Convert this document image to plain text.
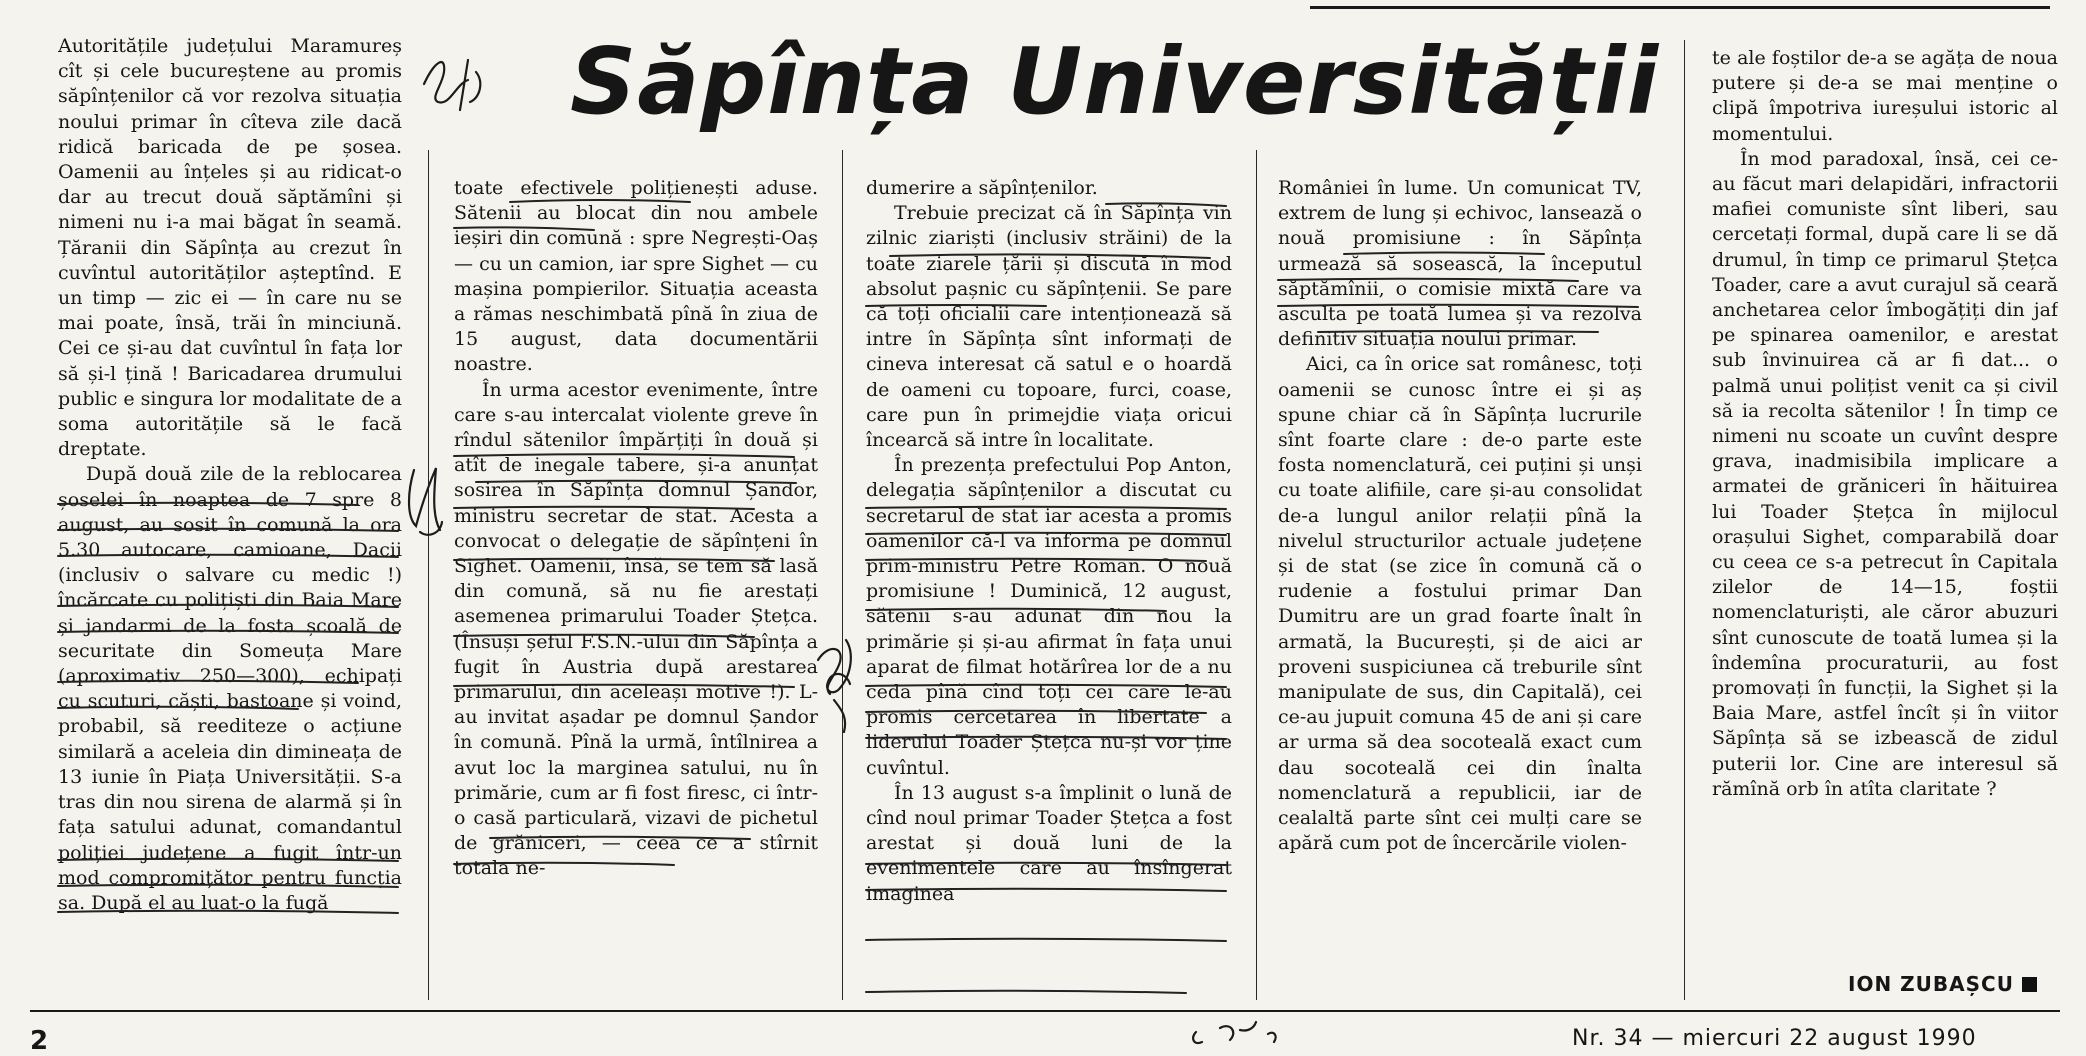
Săpînța Universității

Autoritățile județului Maramureș cît și cele bucureștene au promis săpînțenilor că vor rezolva situația noului primar în cîteva zile dacă ridică baricada de pe șosea. Oamenii au înțeles și au ridicat-o dar au trecut două săptămîni și nimeni nu i-a mai băgat în seamă. Țăranii din Săpînța au crezut în cuvîntul autorităților așteptînd. E un timp — zic ei — în care nu se mai poate, însă, trăi în minciună. Cei ce și-au dat cuvîntul în fața lor să și-l țină ! Baricadarea drumului public e singura lor modalitate de a soma autoritățile să le facă dreptate.

După două zile de la reblocarea șoselei în noaptea de 7 spre 8 august, au sosit în comună la ora 5.30 autocare, camioane, Dacii (inclusiv o salvare cu medic !) încărcate cu polițiști din Baia Mare și jandarmi de la fosta școală de securitate din Someuța Mare (aproximativ 250—300), echipați cu scuturi, căști, bastoane și voind, probabil, să reediteze o acțiune similară a aceleia din dimineața de 13 iunie în Piața Universității. S-a tras din nou sirena de alarmă și în fața satului adunat, comandantul poliției județene a fugit într-un mod compromițător pentru funcția sa. După el au luat-o la fugă

toate efectivele polițienești aduse. Sătenii au blocat din nou ambele ieșiri din comună : spre Negrești-Oaș — cu un camion, iar spre Sighet — cu mașina pompierilor. Situația aceasta a rămas neschimbată pînă în ziua de 15 august, data documentării noastre.

În urma acestor evenimente, între care s-au intercalat violente greve în rîndul sătenilor împărțiți în două și atît de inegale tabere, și-a anunțat sosirea în Săpînța domnul Șandor, ministru secretar de stat. Acesta a convocat o delegație de săpînțeni în Sighet. Oamenii, însă, se tem să lasă din comună, să nu fie arestați asemenea primarului Toader Ștețca. (Însuși șeful F.S.N.-ului din Săpînța a fugit în Austria după arestarea primarului, din aceleași motive !). L-au invitat așadar pe domnul Șandor în comună. Pînă la urmă, întîlnirea a avut loc la marginea satului, nu în primărie, cum ar fi fost firesc, ci într-o casă particulară, vizavi de pichetul de grăniceri, — ceea ce a stîrnit totala ne-

dumerire a săpînțenilor.

Trebuie precizat că în Săpînța vin zilnic ziariști (inclusiv străini) de la toate ziarele țării și discută în mod absolut pașnic cu săpînțenii. Se pare că toți oficialii care intenționează să intre în Săpînța sînt informați de cineva interesat că satul e o hoardă de oameni cu topoare, furci, coase, care pun în primejdie viața oricui încearcă să intre în localitate.

În prezența prefectului Pop Anton, delegația săpînțenilor a discutat cu secretarul de stat iar acesta a promis oamenilor că-l va informa pe domnul prim-ministru Petre Roman. O nouă promisiune ! Duminică, 12 august, sătenii s-au adunat din nou la primărie și și-au afirmat în fața unui aparat de filmat hotărîrea lor de a nu ceda pînă cînd toți cei care le-au promis cercetarea în libertate a liderului Toader Ștețca nu-și vor ține cuvîntul.

În 13 august s-a împlinit o lună de cînd noul primar Toader Ștețca a fost arestat și două luni de la evenimentele care au însîngerat imaginea

României în lume. Un comunicat TV, extrem de lung și echivoc, lansează o nouă promisiune : în Săpînța urmează să sosească, la începutul săptămînii, o comisie mixtă care va asculta pe toată lumea și va rezolva definitiv situația noului primar.

Aici, ca în orice sat românesc, toți oamenii se cunosc între ei și aș spune chiar că în Săpînța lucrurile sînt foarte clare : de-o parte este fosta nomenclatură, cei puțini și unși cu toate alifiile, care și-au consolidat de-a lungul anilor relații pînă la nivelul structurilor actuale județene și de stat (se zice în comună că o rudenie a fostului primar Dan Dumitru are un grad foarte înalt în armată, la București, și de aici ar proveni suspiciunea că treburile sînt manipulate de sus, din Capitală), cei ce-au jupuit comuna 45 de ani și care ar urma să dea socoteală exact cum dau socoteală cei din înalta nomenclatură a republicii, iar de cealaltă parte sînt cei mulți care se apără cum pot de încercările violen-

te ale foștilor de-a se agăța de noua putere și de-a se mai menține o clipă împotriva iureșului istoric al momentului.

În mod paradoxal, însă, cei ce-au făcut mari delapidări, infractorii mafiei comuniste sînt liberi, sau cercetați formal, după care li se dă drumul, în timp ce primarul Ștețca Toader, care a avut curajul să ceară anchetarea celor îmbogățiți din jaf pe spinarea oamenilor, e arestat sub învinuirea că ar fi dat... o palmă unui polițist venit ca și civil să ia recolta sătenilor ! În timp ce nimeni nu scoate un cuvînt despre grava, inadmisibila implicare a armatei de grăniceri în hăituirea lui Toader Ștețca în mijlocul orașului Sighet, comparabilă doar cu ceea ce s-a petrecut în Capitala zilelor de 14—15, foștii nomenclaturiști, ale căror abuzuri sînt cunoscute de toată lumea și la îndemîna procuraturii, au fost promovați în funcții, la Sighet și la Baia Mare, astfel încît și în viitor Săpînța să se izbească de zidul puterii lor. Cine are interesul să rămînă orb în atîta claritate ?

ION ZUBAȘCU
2	Nr. 34 — miercuri 22 august 1990
